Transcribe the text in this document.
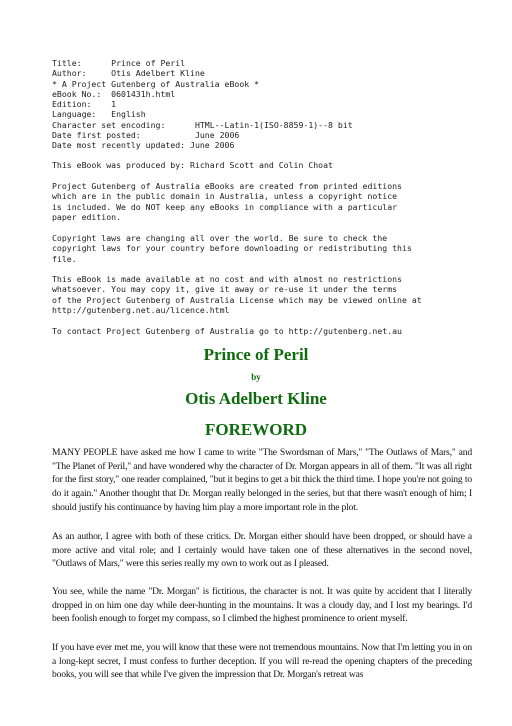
Title:      Prince of Peril
Author:     Otis Adelbert Kline
* A Project Gutenberg of Australia eBook *
eBook No.:  0601431h.html
Edition:    1
Language:   English
Character set encoding:      HTML--Latin-1(ISO-8859-1)--8 bit
Date first posted:           June 2006
Date most recently updated: June 2006
This eBook was produced by: Richard Scott and Colin Choat
Project Gutenberg of Australia eBooks are created from printed editions
which are in the public domain in Australia, unless a copyright notice
is included. We do NOT keep any eBooks in compliance with a particular
paper edition.
Copyright laws are changing all over the world. Be sure to check the
copyright laws for your country before downloading or redistributing this
file.
This eBook is made available at no cost and with almost no restrictions
whatsoever. You may copy it, give it away or re-use it under the terms
of the Project Gutenberg of Australia License which may be viewed online at
http://gutenberg.net.au/licence.html
To contact Project Gutenberg of Australia go to http://gutenberg.net.au
Prince of Peril
by
Otis Adelbert Kline
FOREWORD

MANY PEOPLE have asked me how I came to write "The Swordsman of Mars," "The Outlaws of Mars," and "The Planet of Peril," and have wondered why the character of Dr. Morgan appears in all of them. "It was all right for the first story," one reader complained, "but it begins to get a bit thick the third time. I hope you're not going to do it again." Another thought that Dr. Morgan really belonged in the series, but that there wasn't enough of him; I should justify his continuance by having him play a more important role in the plot.

As an author, I agree with both of these critics. Dr. Morgan either should have been dropped, or should have a more active and vital role; and I certainly would have taken one of these alternatives in the second novel, "Outlaws of Mars," were this series really my own to work out as I pleased.

You see, while the name "Dr. Morgan" is fictitious, the character is not. It was quite by accident that I literally dropped in on him one day while deer-hunting in the mountains. It was a cloudy day, and I lost my bearings. I'd been foolish enough to forget my compass, so I climbed the highest prominence to orient myself.

If you have ever met me, you will know that these were not tremendous mountains. Now that I'm letting you in on a long-kept secret, I must confess to further deception. If you will re-read the opening chapters of the preceding books, you will see that while I've given the impression that Dr. Morgan's retreat was
